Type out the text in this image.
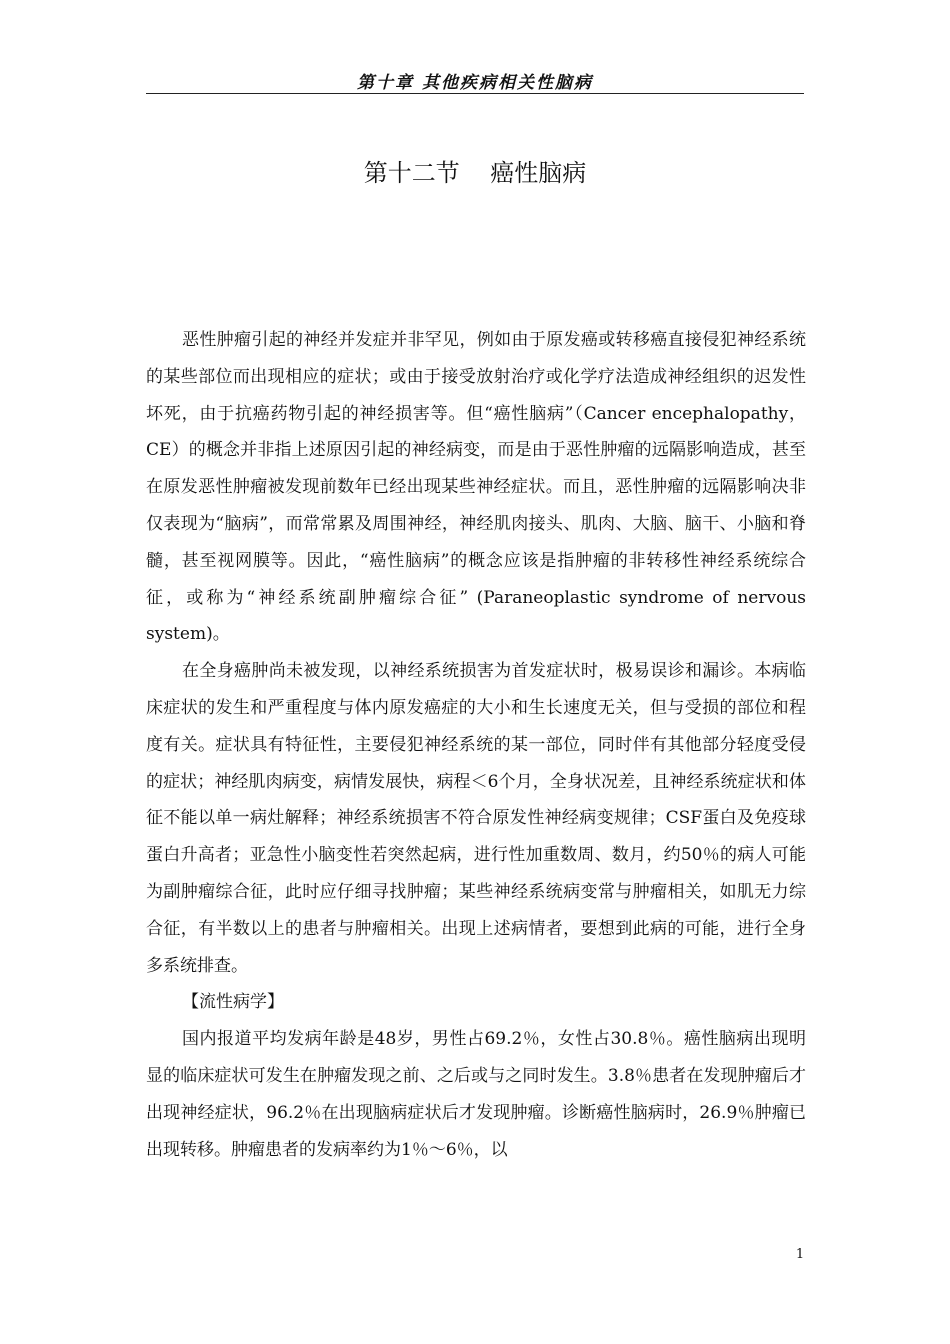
第十章 其他疾病相关性脑病
第十二节 癌性脑病

恶性肿瘤引起的神经并发症并非罕见，例如由于原发癌或转移癌直接侵犯神经系统的某些部位而出现相应的症状；或由于接受放射治疗或化学疗法造成神经组织的迟发性坏死，由于抗癌药物引起的神经损害等。但“癌性脑病”（Cancer encephalopathy，CE）的概念并非指上述原因引起的神经病变，而是由于恶性肿瘤的远隔影响造成，甚至在原发恶性肿瘤被发现前数年已经出现某些神经症状。而且，恶性肿瘤的远隔影响决非仅表现为“脑病”，而常常累及周围神经，神经肌肉接头、肌肉、大脑、脑干、小脑和脊髓，甚至视网膜等。因此，“癌性脑病”的概念应该是指肿瘤的非转移性神经系统综合征，或称为“神经系统副肿瘤综合征” (Paraneoplastic syndrome of nervous system)。

在全身癌肿尚未被发现，以神经系统损害为首发症状时，极易误诊和漏诊。本病临床症状的发生和严重程度与体内原发癌症的大小和生长速度无关，但与受损的部位和程度有关。症状具有特征性，主要侵犯神经系统的某一部位，同时伴有其他部分轻度受侵的症状；神经肌肉病变，病情发展快，病程＜6个月，全身状况差，且神经系统症状和体征不能以单一病灶解释；神经系统损害不符合原发性神经病变规律；CSF蛋白及免疫球蛋白升高者；亚急性小脑变性若突然起病，进行性加重数周、数月，约50％的病人可能为副肿瘤综合征，此时应仔细寻找肿瘤；某些神经系统病变常与肿瘤相关，如肌无力综合征，有半数以上的患者与肿瘤相关。出现上述病情者，要想到此病的可能，进行全身多系统排查。

【流性病学】

国内报道平均发病年龄是48岁，男性占69.2％，女性占30.8％。癌性脑病出现明显的临床症状可发生在肿瘤发现之前、之后或与之同时发生。3.8％患者在发现肿瘤后才出现神经症状，96.2％在出现脑病症状后才发现肿瘤。诊断癌性脑病时，26.9％肿瘤已出现转移。肿瘤患者的发病率约为1％～6％，以

1
